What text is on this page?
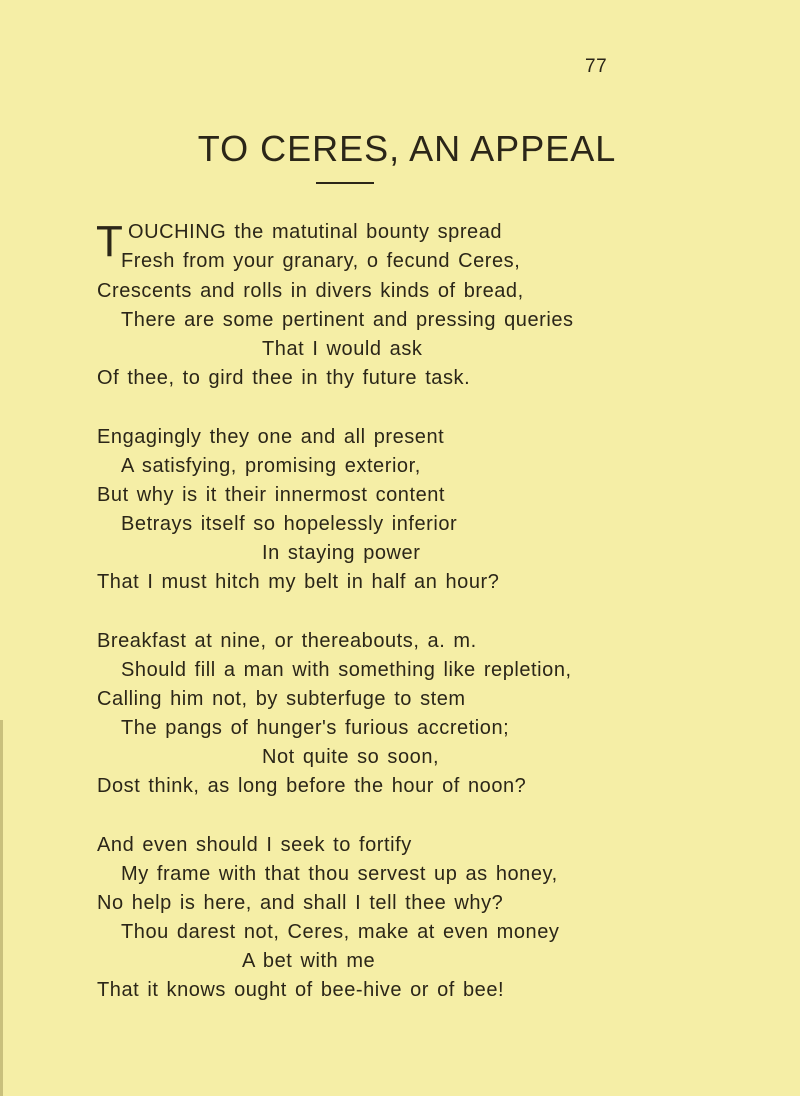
77
TO CERES, AN APPEAL
T OUCHING the matutinal bounty spread
Fresh from your granary, o fecund Ceres,
Crescents and rolls in divers kinds of bread,
There are some pertinent and pressing queries
That I would ask
Of thee, to gird thee in thy future task.
Engagingly they one and all present
A satisfying, promising exterior,
But why is it their innermost content
Betrays itself so hopelessly inferior
In staying power
That I must hitch my belt in half an hour?
Breakfast at nine, or thereabouts, a. m.
Should fill a man with something like repletion,
Calling him not, by subterfuge to stem
The pangs of hunger's furious accretion;
Not quite so soon,
Dost think, as long before the hour of noon?
And even should I seek to fortify
My frame with that thou servest up as honey,
No help is here, and shall I tell thee why?
Thou darest not, Ceres, make at even money
A bet with me
That it knows ought of bee-hive or of bee!
